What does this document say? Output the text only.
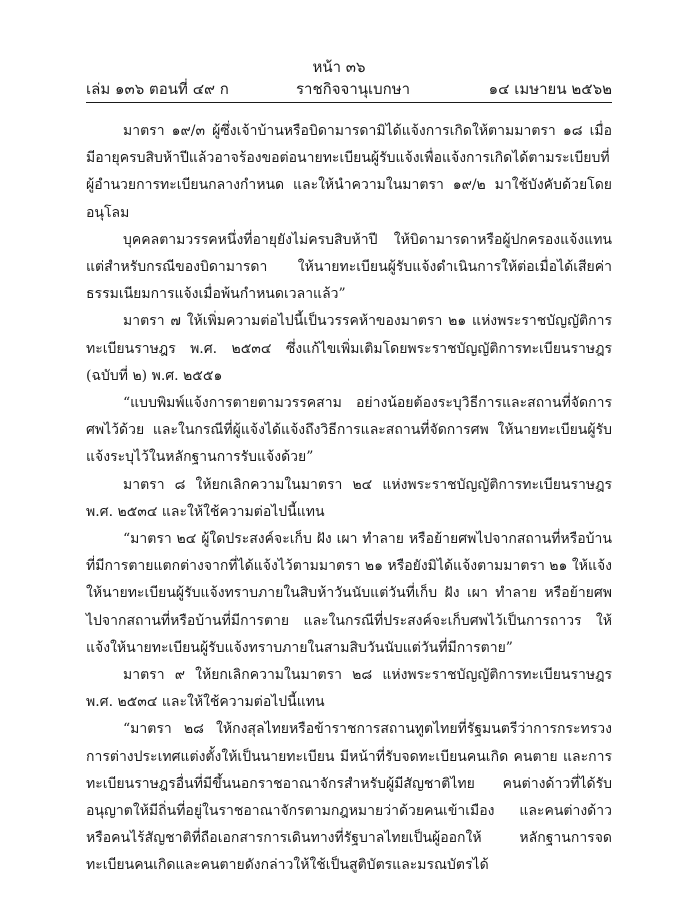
หน้า ๓๖
เล่ม ๑๓๖ ตอนที่ ๔๙ ก	ราชกิจจานุเบกษา	๑๔ เมษายน ๒๕๖๒

มาตรา ๑๙/๓ ผู้ซึ่งเจ้าบ้านหรือบิดามารดามิได้แจ้งการเกิดให้ตามมาตรา ๑๘ เมื่อมีอายุครบสิบห้าปีแล้วอาจร้องขอต่อนายทะเบียนผู้รับแจ้งเพื่อแจ้งการเกิดได้ตามระเบียบที่ผู้อำนวยการทะเบียนกลางกำหนด และให้นำความในมาตรา ๑๙/๒ มาใช้บังคับด้วยโดยอนุโลม

บุคคลตามวรรคหนึ่งที่อายุยังไม่ครบสิบห้าปี ให้บิดามารดาหรือผู้ปกครองแจ้งแทน แต่สำหรับกรณีของบิดามารดา ให้นายทะเบียนผู้รับแจ้งดำเนินการให้ต่อเมื่อได้เสียค่าธรรมเนียมการแจ้งเมื่อพ้นกำหนดเวลาแล้ว”

มาตรา ๗ ให้เพิ่มความต่อไปนี้เป็นวรรคห้าของมาตรา ๒๑ แห่งพระราชบัญญัติการทะเบียนราษฎร พ.ศ. ๒๕๓๔ ซึ่งแก้ไขเพิ่มเติมโดยพระราชบัญญัติการทะเบียนราษฎร (ฉบับที่ ๒) พ.ศ. ๒๕๕๑

“แบบพิมพ์แจ้งการตายตามวรรคสาม อย่างน้อยต้องระบุวิธีการและสถานที่จัดการศพไว้ด้วย และในกรณีที่ผู้แจ้งได้แจ้งถึงวิธีการและสถานที่จัดการศพ ให้นายทะเบียนผู้รับแจ้งระบุไว้ในหลักฐานการรับแจ้งด้วย”

มาตรา ๘ ให้ยกเลิกความในมาตรา ๒๔ แห่งพระราชบัญญัติการทะเบียนราษฎร พ.ศ. ๒๕๓๔ และให้ใช้ความต่อไปนี้แทน

“มาตรา ๒๔ ผู้ใดประสงค์จะเก็บ ฝัง เผา ทำลาย หรือย้ายศพไปจากสถานที่หรือบ้านที่มีการตายแตกต่างจากที่ได้แจ้งไว้ตามมาตรา ๒๑ หรือยังมิได้แจ้งตามมาตรา ๒๑ ให้แจ้งให้นายทะเบียนผู้รับแจ้งทราบภายในสิบห้าวันนับแต่วันที่เก็บ ฝัง เผา ทำลาย หรือย้ายศพไปจากสถานที่หรือบ้านที่มีการตาย และในกรณีที่ประสงค์จะเก็บศพไว้เป็นการถาวร ให้แจ้งให้นายทะเบียนผู้รับแจ้งทราบภายในสามสิบวันนับแต่วันที่มีการตาย”

มาตรา ๙ ให้ยกเลิกความในมาตรา ๒๘ แห่งพระราชบัญญัติการทะเบียนราษฎร พ.ศ. ๒๕๓๔ และให้ใช้ความต่อไปนี้แทน

“มาตรา ๒๘ ให้กงสุลไทยหรือข้าราชการสถานทูตไทยที่รัฐมนตรีว่าการกระทรวงการต่างประเทศแต่งตั้งให้เป็นนายทะเบียน มีหน้าที่รับจดทะเบียนคนเกิด คนตาย และการทะเบียนราษฎรอื่นที่มีขึ้นนอกราชอาณาจักรสำหรับผู้มีสัญชาติไทย คนต่างด้าวที่ได้รับอนุญาตให้มีถิ่นที่อยู่ในราชอาณาจักรตามกฎหมายว่าด้วยคนเข้าเมือง และคนต่างด้าวหรือคนไร้สัญชาติที่ถือเอกสารการเดินทางที่รัฐบาลไทยเป็นผู้ออกให้ หลักฐานการจดทะเบียนคนเกิดและคนตายดังกล่าวให้ใช้เป็นสูติบัตรและมรณบัตรได้
